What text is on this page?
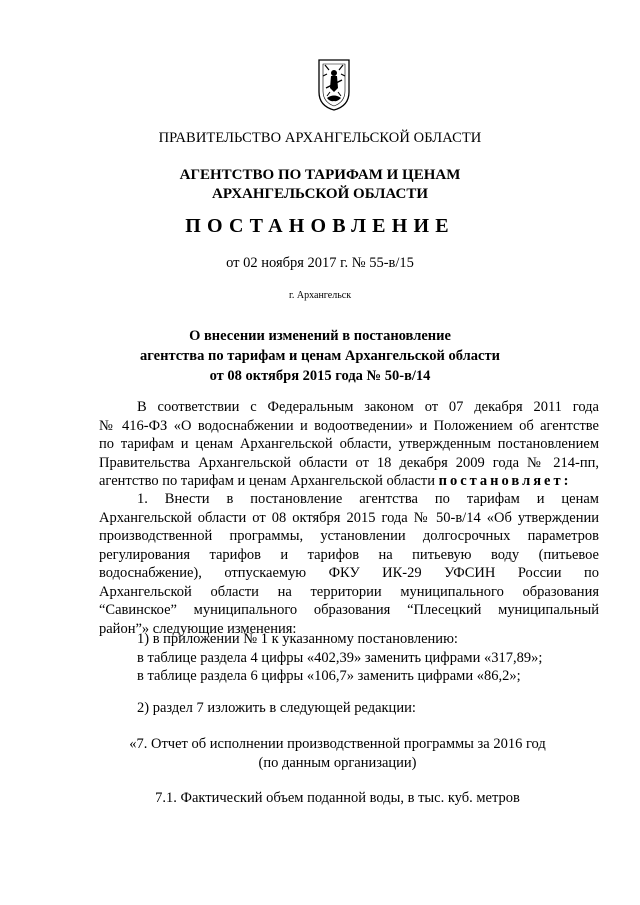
ПРАВИТЕЛЬСТВО АРХАНГЕЛЬСКОЙ ОБЛАСТИ
АГЕНТСТВО ПО ТАРИФАМ И ЦЕНАМ
АРХАНГЕЛЬСКОЙ ОБЛАСТИ
ПОСТАНОВЛЕНИЕ
от 02 ноября 2017 г. № 55-в/15
г. Архангельск
О внесении изменений в постановление
агентства по тарифам и ценам Архангельской области
от 08 октября 2015 года № 50-в/14
В соответствии с Федеральным законом от 07 декабря 2011 года
№ 416-ФЗ «О водоснабжении и водоотведении» и Положением об агентстве
по тарифам и ценам Архангельской области, утвержденным постановлением
Правительства Архангельской области от 18 декабря 2009 года № 214-пп,
агентство по тарифам и ценам Архангельской области постановляет:
1. Внести в постановление агентства по тарифам и ценам
Архангельской области от 08 октября 2015 года № 50-в/14 «Об утверждении
производственной программы, установлении долгосрочных параметров
регулирования тарифов и тарифов на питьевую воду (питьевое
водоснабжение), отпускаемую ФКУ ИК-29 УФСИН России по
Архангельской области на территории муниципального образования
“Савинское” муниципального образования “Плесецкий муниципальный
район”» следующие изменения:
1) в приложении № 1 к указанному постановлению:
в таблице раздела 4 цифры «402,39» заменить цифрами «317,89»;
в таблице раздела 6 цифры «106,7» заменить цифрами «86,2»;
2) раздел 7 изложить в следующей редакции:
«7. Отчет об исполнении производственной программы за 2016 год
(по данным организации)
7.1. Фактический объем поданной воды, в тыс. куб. метров
